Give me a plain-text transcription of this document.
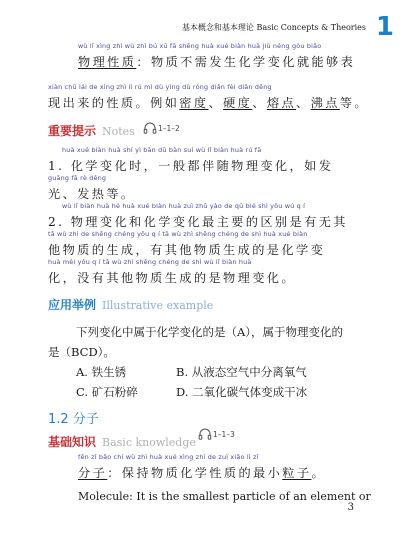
基本概念和基本理论 Basic Concepts & Theories 1
wù lǐ xìng zhì wù zhì bú xū fā shēng huà xué biàn huà jiù néng gòu biǎo
物理性质：物质不需发生化学变化就能够表
xiàn chū lái de xìng zhì lì rú mì dù yìng dù róng diǎn fèi diǎn děng
现出来的性质。例如密度、硬度、熔点、沸点等。
重要提示 Notes	1–1–2
huà xué biàn huà shí yì bān dū bàn suí wù lǐ biàn huà rú fā
1. 化学变化时，一般都伴随物理变化，如发
guāng fā rè děng
光、发热等。
wù lǐ biàn huà hé huà xué biàn huà zuì zhǔ yào de qū bié shì yǒu wú q í
2. 物理变化和化学变化最主要的区别是有无其
tā wù zhì de shēng chéng yǒu q í tā wù zhì shēng chéng de shì huà xué biàn
他物质的生成，有其他物质生成的是化学变
huà méi yǒu q í tā wù zhì shēng chéng de shì wù lǐ biàn huà
化，没有其他物质生成的是物理变化。
应用举例 Illustrative example
下列变化中属于化学变化的是（A），属于物理变化的
是（BCD）。
A. 铁生锈	B. 从液态空气中分离氧气
C. 矿石粉碎	D. 二氧化碳气体变成干冰
1.2 分子
基础知识 Basic knowledge
1–1–3
fēn zǐ bǎo chí wù zhì huà xué xìng zhì de zuì xiǎo lì zǐ
分子：保持物质化学性质的最小粒子。
Molecule: It is the smallest particle of an element or
3
